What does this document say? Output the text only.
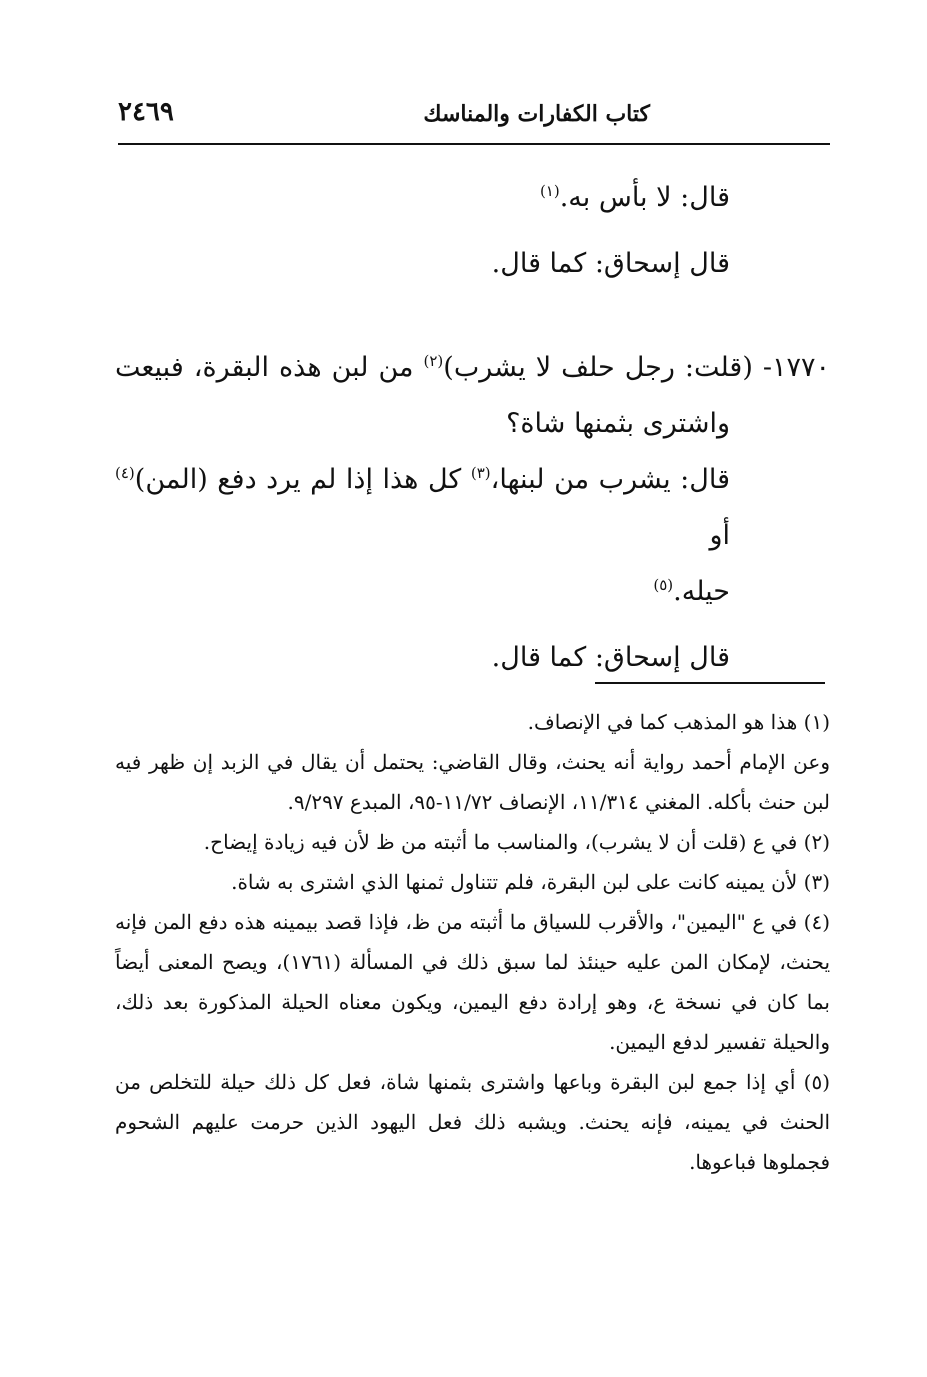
كتاب الكفارات والمناسك
٢٤٦٩

قال: لا بأس به.$^{(١)}$

قال إسحاق: كما قال.

١٧٧٠- (قلت: رجل حلف لا يشرب)$^{(٢)}$ من لبن هذه البقرة، فبيعت

واشترى بثمنها شاة؟

قال: يشرب من لبنها،$^{(٣)}$ كل هذا إذا لم يرد دفع (المن)$^{(٤)}$ أو

حيله.$^{(٥)}$

قال إسحاق: كما قال.

(١) هذا هو المذهب كما في الإنصاف.

وعن الإمام أحمد رواية أنه يحنث، وقال القاضي: يحتمل أن يقال في الزبد إن ظهر فيه لبن حنث بأكله. المغني ١١/٣١٤، الإنصاف ١١/٧٢-٩٥، المبدع ٩/٢٩٧.

(٢) في ع (قلت أن لا يشرب)، والمناسب ما أثبته من ظ لأن فيه زيادة إيضاح.

(٣) لأن يمينه كانت على لبن البقرة، فلم تتناول ثمنها الذي اشترى به شاة.

(٤) في ع "اليمين"، والأقرب للسياق ما أثبته من ظ، فإذا قصد بيمينه هذه دفع المن فإنه يحنث، لإمكان المن عليه حينئذ لما سبق ذلك في المسألة (١٧٦١)، ويصح المعنى أيضاً بما كان في نسخة ع، وهو إرادة دفع اليمين، ويكون معناه الحيلة المذكورة بعد ذلك، والحيلة تفسير لدفع اليمين.

(٥) أي إذا جمع لبن البقرة وباعها واشترى بثمنها شاة، فعل كل ذلك حيلة للتخلص من الحنث في يمينه، فإنه يحنث. ويشبه ذلك فعل اليهود الذين حرمت عليهم الشحوم فجملوها فباعوها.
